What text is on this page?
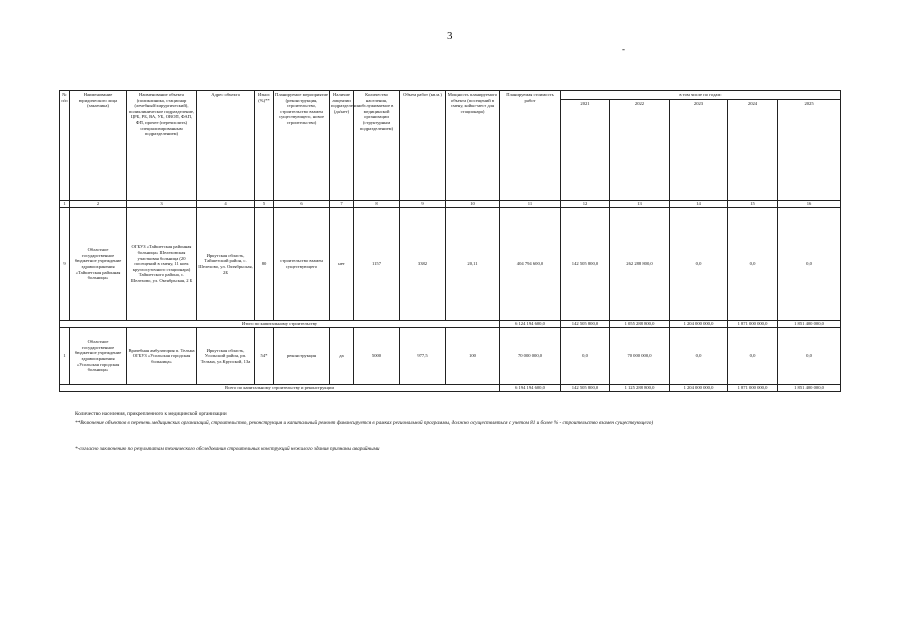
3
-
№ п/п	Наименование юридического лица (заказчика)	Наименование объекта (поликлиника, стационар (лечебный/хирургический), поликлиническое подразделение, ЦРБ, РБ, ВА, УБ, ОВОП, ФАП, ФП, прочее (перечислить) специализированным подразделением)	Адрес объекта	Износ (%)**	Планируемое мероприятие (реконструкция, строительство, строительство взамен существующего, новое строительство)	Наличие лицензии подразделения (да/нет)	Количество населения, обслуживаемое в медицинской организации (структурным подразделением)	Объем работ (кв.м.)	Мощность планируемого объекта (посещений в смену, койко-мест для стационара)	Планируемая стоимость работ	в том числе по годам:				
											2021	2022	2023	2024	2025
1	2	3	4	5	6	7	8	9	10	11	12	13	14	15	16
9	Областное государственное бюджетное учреждение здравоохранения «Тайшетская районная больница»	ОГБУЗ «Тайшетская районная больница» Шелеховская участковая больница (20 посещений в смену, 11 коек круглосуточного стационара) Тайшетского района, с. Шелехово, ул. Октябрьская, 2 Б	Иркутская область, Тайшетский район, с. Шелехово, ул. Октябрьская, 2Б	80	строительство взамен существующего	нет	1157	3382	20,11	404 794 600,0	142 505 800,0	262 288 800,0	0,0	0,0	0,0
Итого по капитальному строительству										6 124 194 600,0	142 505 800,0	1 055 288 800,0	1 204 000 000,0	1 871 000 000,0	1 851 400 000,0
1	Областное государственное бюджетное учреждение здравоохранения «Усольская городская больница»	Врачебная амбулатория п. Тельма ОГБУЗ «Усольская городская больница»	Иркутская область, Усольский район, рп. Тельма, ул.Крупской, 13а	54*	реконструкция	да	5000	977,5	100	70 000 000,0	0,0	70 000 000,0	0,0	0,0	0,0
Всего по капитальному строительству и реконструкции										6 194 194 600,0	142 505 800,0	1 125 288 800,0	1 204 000 000,0	1 871 000 000,0	1 851 400 000,0
Количество населения, прикрепленного к медицинской организации
**Включение объектов в перечень медицинских организаций, строительство, реконструкция и капитальный ремонт финансируется в рамках региональной программы, должно осуществляться с учетом 81 и более % - строительство взамен существующего)
*-согласно заключению по результатам технического обследования строительных конструкций нежилого здания признаны аварийными
